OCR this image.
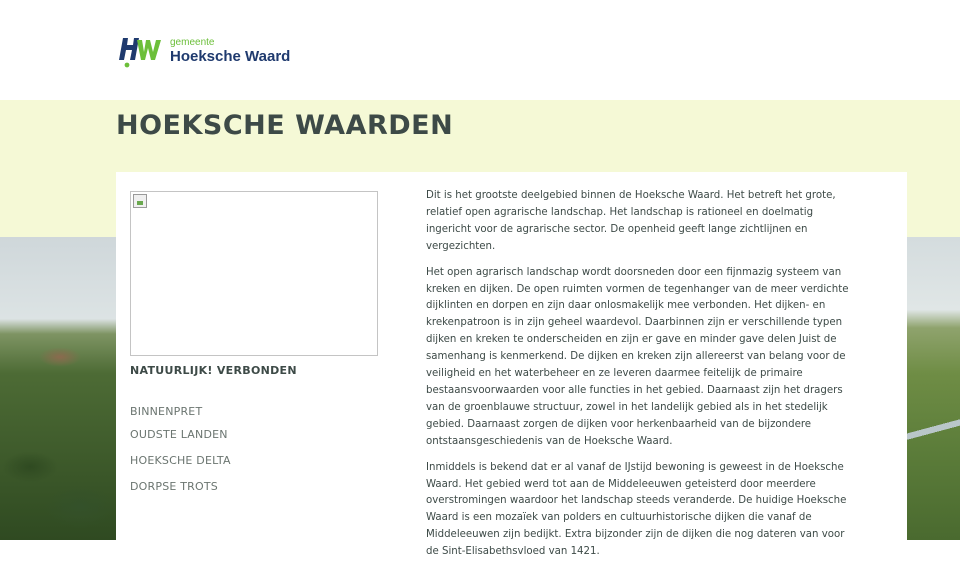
gemeente
Hoeksche Waard
HOEKSCHE WAARDEN
NATUURLIJK! VERBONDEN
BINNENPRET
OUDSTE LANDEN
HOEKSCHE DELTA
DORPSE TROTS

Dit is het grootste deelgebied binnen de Hoeksche Waard. Het betreft het grote, relatief open agrarische landschap. Het landschap is rationeel en doelmatig ingericht voor de agrarische sector. De openheid geeft lange zichtlijnen en vergezichten.

Het open agrarisch landschap wordt doorsneden door een fijnmazig systeem van kreken en dijken. De open ruimten vormen de tegenhanger van de meer verdichte dijklinten en dorpen en zijn daar onlosmakelijk mee verbonden. Het dijken- en krekenpatroon is in zijn geheel waardevol. Daarbinnen zijn er verschillende typen dijken en kreken te onderscheiden en zijn er gave en minder gave delen Juist de samenhang is kenmerkend. De dijken en kreken zijn allereerst van belang voor de veiligheid en het waterbeheer en ze leveren daarmee feitelijk de primaire bestaansvoorwaarden voor alle functies in het gebied. Daarnaast zijn het dragers van de groenblauwe structuur, zowel in het landelijk gebied als in het stedelijk gebied. Daarnaast zorgen de dijken voor herkenbaarheid van de bijzondere ontstaansgeschiedenis van de Hoeksche Waard.

Inmiddels is bekend dat er al vanaf de IJstijd bewoning is geweest in de Hoeksche Waard. Het gebied werd tot aan de Middeleeuwen geteisterd door meerdere overstromingen waardoor het landschap steeds veranderde. De huidige Hoeksche Waard is een mozaïek van polders en cultuurhistorische dijken die vanaf de Middeleeuwen zijn bedijkt. Extra bijzonder zijn de dijken die nog dateren van voor de Sint-Elisabethsvloed van 1421.
